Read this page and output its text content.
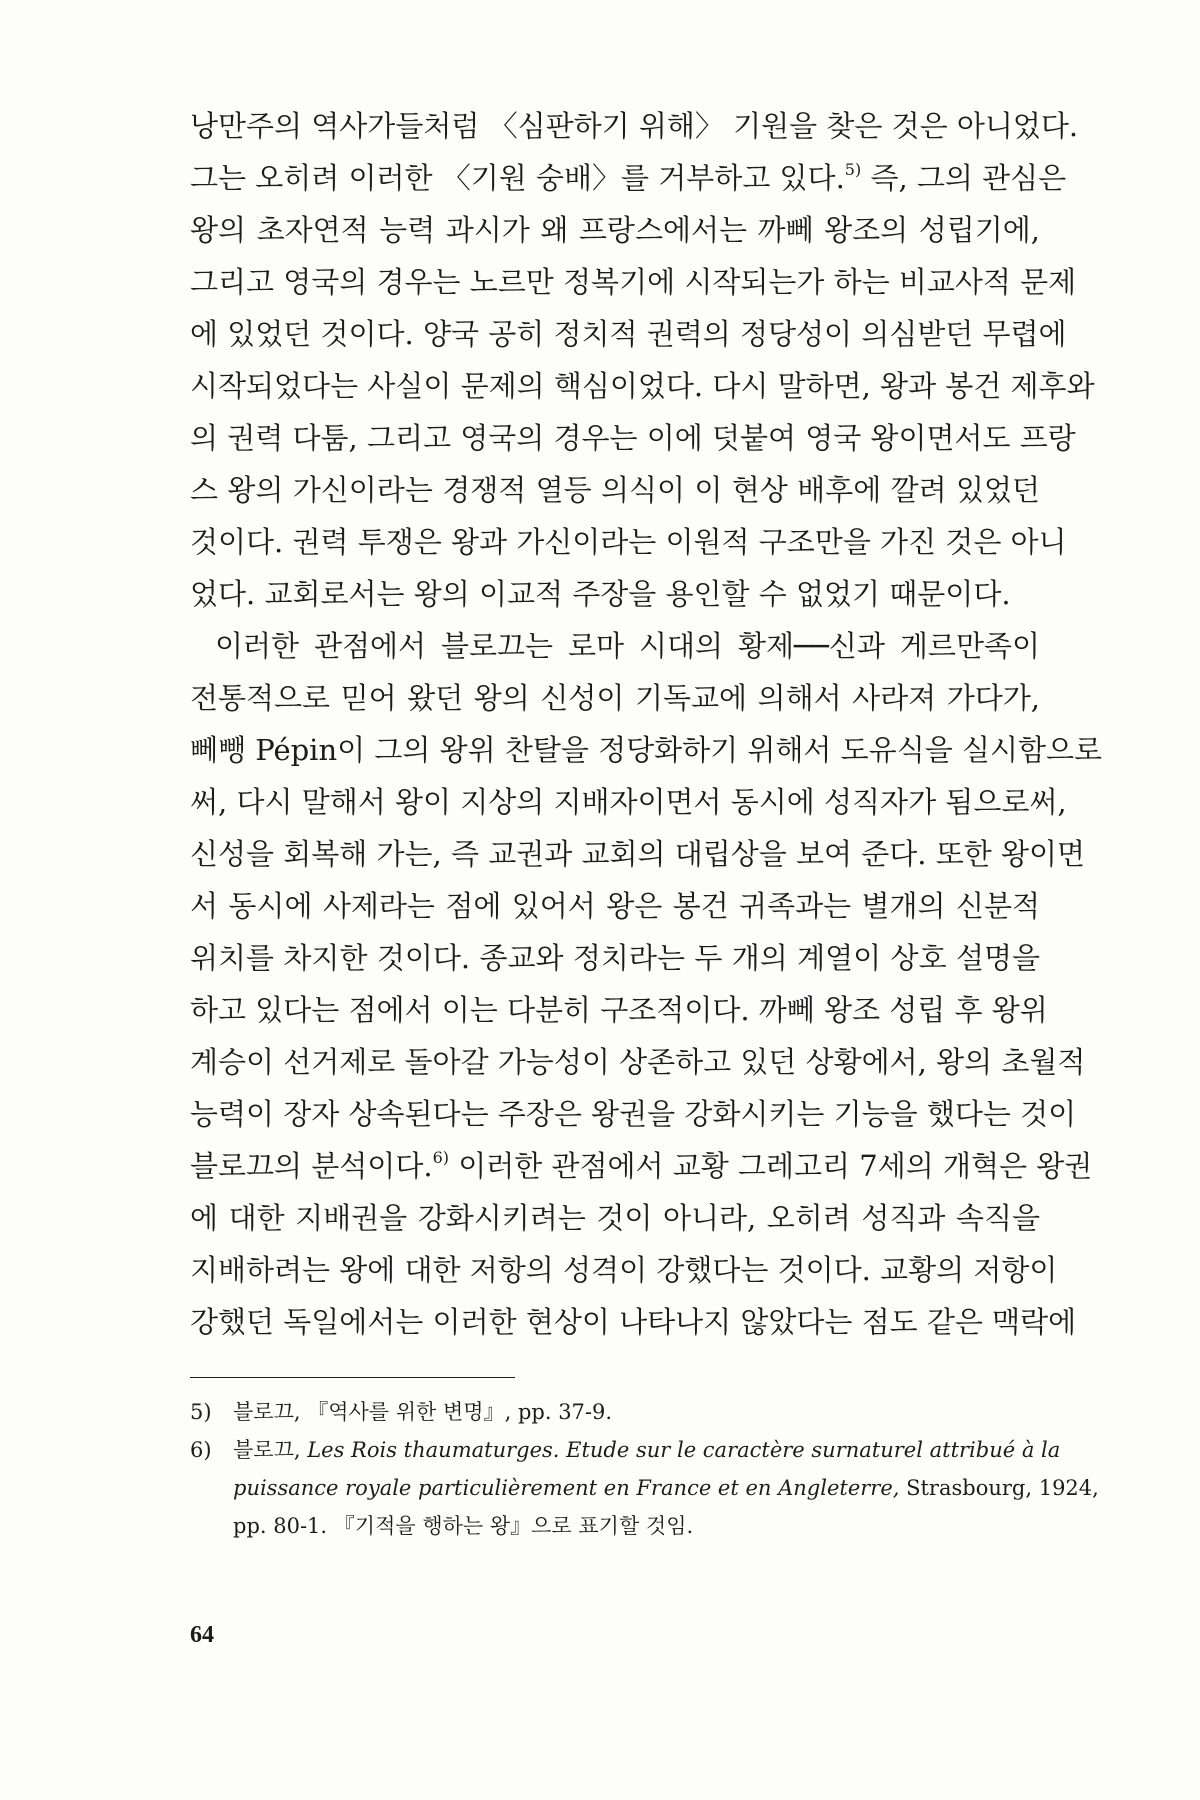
낭만주의 역사가들처럼 〈심판하기 위해〉 기원을 찾은 것은 아니었다.
그는 오히려 이러한 〈기원 숭배〉를 거부하고 있다.$^{5)}$ 즉, 그의 관심은
왕의 초자연적 능력 과시가 왜 프랑스에서는 까뻬 왕조의 성립기에,
그리고 영국의 경우는 노르만 정복기에 시작되는가 하는 비교사적 문제
에 있었던 것이다. 양국 공히 정치적 권력의 정당성이 의심받던 무렵에
시작되었다는 사실이 문제의 핵심이었다. 다시 말하면, 왕과 봉건 제후와
의 권력 다툼, 그리고 영국의 경우는 이에 덧붙여 영국 왕이면서도 프랑
스 왕의 가신이라는 경쟁적 열등 의식이 이 현상 배후에 깔려 있었던
것이다. 권력 투쟁은 왕과 가신이라는 이원적 구조만을 가진 것은 아니
었다. 교회로서는 왕의 이교적 주장을 용인할 수 없었기 때문이다.
이러한 관점에서 블로끄는 로마 시대의 황제──신과 게르만족이
전통적으로 믿어 왔던 왕의 신성이 기독교에 의해서 사라져 가다가,
뻬뺑 Pépin이 그의 왕위 찬탈을 정당화하기 위해서 도유식을 실시함으로
써, 다시 말해서 왕이 지상의 지배자이면서 동시에 성직자가 됨으로써,
신성을 회복해 가는, 즉 교권과 교회의 대립상을 보여 준다. 또한 왕이면
서 동시에 사제라는 점에 있어서 왕은 봉건 귀족과는 별개의 신분적
위치를 차지한 것이다. 종교와 정치라는 두 개의 계열이 상호 설명을
하고 있다는 점에서 이는 다분히 구조적이다. 까뻬 왕조 성립 후 왕위
계승이 선거제로 돌아갈 가능성이 상존하고 있던 상황에서, 왕의 초월적
능력이 장자 상속된다는 주장은 왕권을 강화시키는 기능을 했다는 것이
블로끄의 분석이다.$^{6)}$ 이러한 관점에서 교황 그레고리 7세의 개혁은 왕권
에 대한 지배권을 강화시키려는 것이 아니라, 오히려 성직과 속직을
지배하려는 왕에 대한 저항의 성격이 강했다는 것이다. 교황의 저항이
강했던 독일에서는 이러한 현상이 나타나지 않았다는 점도 같은 맥락에
5) 블로끄, 『역사를 위한 변명』, pp. 37-9.
6) 블로끄, Les Rois thaumaturges. Etude sur le caractère surnaturel attribué à la
puissance royale particulièrement en France et en Angleterre, Strasbourg, 1924,
pp. 80-1. 『기적을 행하는 왕』으로 표기할 것임.
64
